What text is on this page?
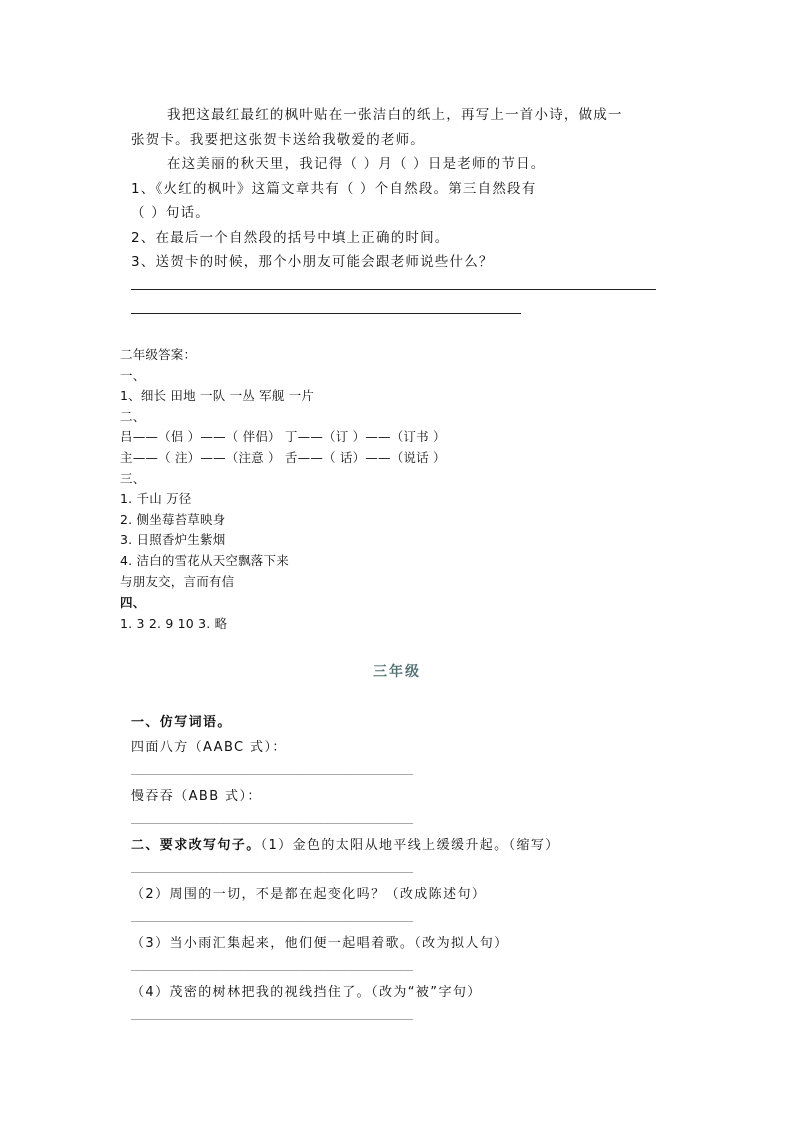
我把这最红最红的枫叶贴在一张洁白的纸上，再写上一首小诗，做成一
张贺卡。我要把这张贺卡送给我敬爱的老师。
在这美丽的秋天里，我记得（ ）月（ ）日是老师的节日。
1、《火红的枫叶》这篇文章共有（ ）个自然段。第三自然段有
（ ）句话。
2、在最后一个自然段的括号中填上正确的时间。
3、送贺卡的时候，那个小朋友可能会跟老师说些什么？
二年级答案：
一、
1、细长 田地 一队 一丛 军舰 一片
二、
吕——（侣 ）——（ 伴侣） 丁——（订 ）——（订书 ）
主——（ 注）——（注意 ） 舌——（ 话）——（说话 ）
三、
1. 千山 万径
2. 侧坐莓苔草映身
3. 日照香炉生紫烟
4. 洁白的雪花从天空飘落下来
与朋友交，言而有信
四、
1. 3 2. 9 10 3. 略
三年级
一、仿写词语。
四面八方（AABC 式）：
______________________________________________
慢吞吞（ABB 式）：
______________________________________________
二、要求改写句子。（1）金色的太阳从地平线上缓缓升起。（缩写）
______________________________________________
（2）周围的一切，不是都在起变化吗？（改成陈述句）
______________________________________________
（3）当小雨汇集起来，他们便一起唱着歌。（改为拟人句）
______________________________________________
（4）茂密的树林把我的视线挡住了。（改为“被”字句）
______________________________________________
